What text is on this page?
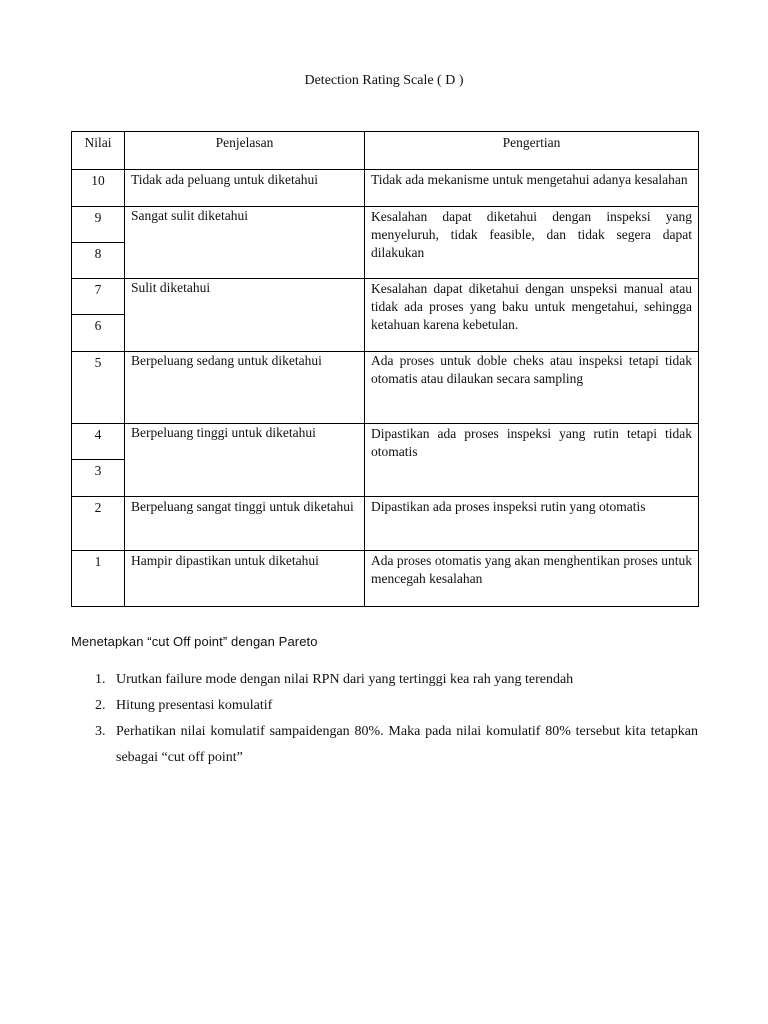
Detection Rating Scale ( D )
Nilai	Penjelasan	Pengertian
10	Tidak ada peluang untuk diketahui	Tidak ada mekanisme untuk mengetahui adanya kesalahan
9	Sangat sulit diketahui	Kesalahan dapat diketahui dengan inspeksi yang menyeluruh, tidak feasible, dan tidak segera dapat dilakukan
8		
7	Sulit diketahui	Kesalahan dapat diketahui dengan unspeksi manual atau tidak ada proses yang baku untuk mengetahui, sehingga ketahuan karena kebetulan.
6		
5	Berpeluang sedang untuk diketahui	Ada proses untuk doble cheks atau inspeksi tetapi tidak otomatis atau dilaukan secara sampling
4	Berpeluang tinggi untuk diketahui	Dipastikan ada proses inspeksi yang rutin tetapi tidak otomatis
3		
2	Berpeluang sangat tinggi untuk diketahui	Dipastikan ada proses inspeksi rutin yang otomatis
1	Hampir dipastikan untuk diketahui	Ada proses otomatis yang akan menghentikan proses untuk mencegah kesalahan
Menetapkan “cut Off point” dengan Pareto
1. Urutkan failure mode dengan nilai RPN dari yang tertinggi kea rah yang terendah
2. Hitung presentasi komulatif
3. Perhatikan nilai komulatif sampaidengan 80%. Maka pada nilai komulatif 80% tersebut kita tetapkan sebagai “cut off point”
